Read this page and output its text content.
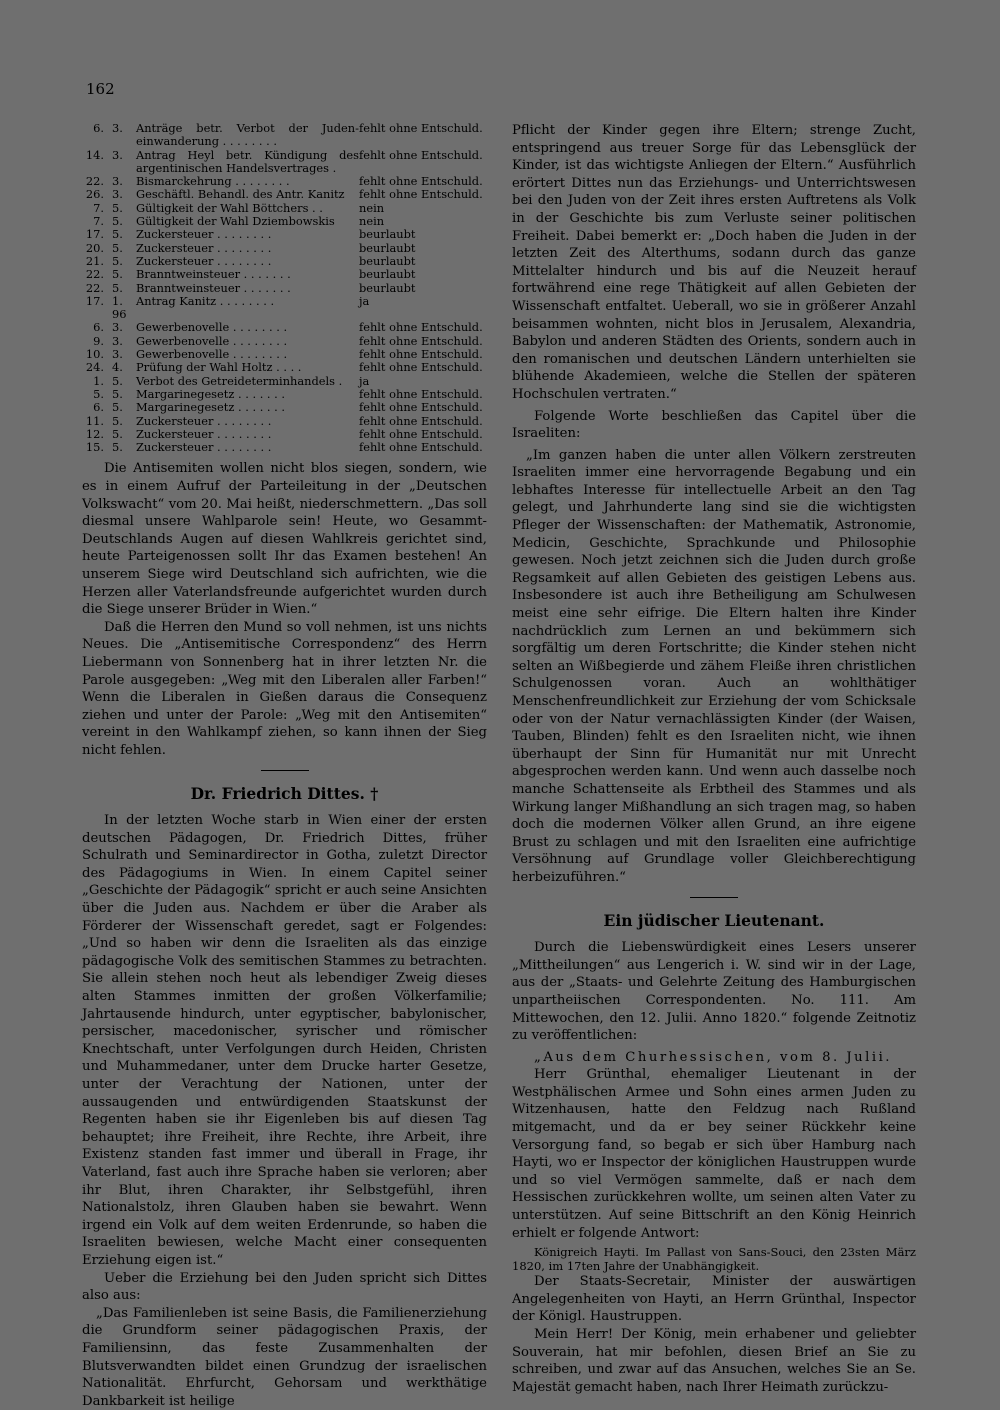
162
6.	3.	Anträge betr. Verbot der Juden- einwanderung . . . . . . . .	fehlt ohne Entschuld.
14.	3.	Antrag Heyl betr. Kündigung des argentinischen Handelsvertrages .	fehlt ohne Entschuld.
22.	3.	Bismarckehrung . . . . . . . .	fehlt ohne Entschuld.
26.	3.	Geschäftl. Behandl. des Antr. Kanitz	fehlt ohne Entschuld.
7.	5.	Gültigkeit der Wahl Böttchers . .	nein
7.	5.	Gültigkeit der Wahl Dziembowskis	nein
17.	5.	Zuckersteuer . . . . . . . .	beurlaubt
20.	5.	Zuckersteuer . . . . . . . .	beurlaubt
21.	5.	Zuckersteuer . . . . . . . .	beurlaubt
22.	5.	Branntweinsteuer . . . . . . .	beurlaubt
22.	5.	Branntweinsteuer . . . . . . .	beurlaubt
17.	1. 96	Antrag Kanitz . . . . . . . .	ja
6.	3.	Gewerbenovelle . . . . . . . .	fehlt ohne Entschuld.
9.	3.	Gewerbenovelle . . . . . . . .	fehlt ohne Entschuld.
10.	3.	Gewerbenovelle . . . . . . . .	fehlt ohne Entschuld.
24.	4.	Prüfung der Wahl Holtz . . . .	fehlt ohne Entschuld.
1.	5.	Verbot des Getreideterminhandels .	ja
5.	5.	Margarinegesetz . . . . . . .	fehlt ohne Entschuld.
6.	5.	Margarinegesetz . . . . . . .	fehlt ohne Entschuld.
11.	5.	Zuckersteuer . . . . . . . .	fehlt ohne Entschuld.
12.	5.	Zuckersteuer . . . . . . . .	fehlt ohne Entschuld.
15.	5.	Zuckersteuer . . . . . . . .	fehlt ohne Entschuld.

Die Antisemiten wollen nicht blos siegen, sondern, wie es in einem Aufruf der Parteileitung in der „Deutschen Volkswacht“ vom 20. Mai heißt, niederschmettern. „Das soll diesmal unsere Wahlparole sein! Heute, wo Gesammt-Deutschlands Augen auf diesen Wahlkreis gerichtet sind, heute Parteigenossen sollt Ihr das Examen bestehen! An unserem Siege wird Deutschland sich aufrichten, wie die Herzen aller Vaterlandsfreunde aufgerichtet wurden durch die Siege unserer Brüder in Wien.“

Daß die Herren den Mund so voll nehmen, ist uns nichts Neues. Die „Antisemitische Correspondenz“ des Herrn Liebermann von Sonnenberg hat in ihrer letzten Nr. die Parole ausgegeben: „Weg mit den Liberalen aller Farben!“ Wenn die Liberalen in Gießen daraus die Consequenz ziehen und unter der Parole: „Weg mit den Antisemiten“ vereint in den Wahlkampf ziehen, so kann ihnen der Sieg nicht fehlen.

Dr. Friedrich Dittes. †

In der letzten Woche starb in Wien einer der ersten deutschen Pädagogen, Dr. Friedrich Dittes, früher Schulrath und Seminardirector in Gotha, zuletzt Director des Pädagogiums in Wien. In einem Capitel seiner „Geschichte der Pädagogik“ spricht er auch seine Ansichten über die Juden aus. Nachdem er über die Araber als Förderer der Wissenschaft geredet, sagt er Folgendes: „Und so haben wir denn die Israeliten als das einzige pädagogische Volk des semitischen Stammes zu betrachten. Sie allein stehen noch heut als lebendiger Zweig dieses alten Stammes inmitten der großen Völkerfamilie; Jahrtausende hindurch, unter egyptischer, babylonischer, persischer, macedonischer, syrischer und römischer Knechtschaft, unter Verfolgungen durch Heiden, Christen und Muhammedaner, unter dem Drucke harter Gesetze, unter der Verachtung der Nationen, unter der aussaugenden und entwürdigenden Staatskunst der Regenten haben sie ihr Eigenleben bis auf diesen Tag behauptet; ihre Freiheit, ihre Rechte, ihre Arbeit, ihre Existenz standen fast immer und überall in Frage, ihr Vaterland, fast auch ihre Sprache haben sie verloren; aber ihr Blut, ihren Charakter, ihr Selbstgefühl, ihren Nationalstolz, ihren Glauben haben sie bewahrt. Wenn irgend ein Volk auf dem weiten Erdenrunde, so haben die Israeliten bewiesen, welche Macht einer consequenten Erziehung eigen ist.“

Ueber die Erziehung bei den Juden spricht sich Dittes also aus:

„Das Familienleben ist seine Basis, die Familienerziehung die Grundform seiner pädagogischen Praxis, der Familiensinn, das feste Zusammenhalten der Blutsverwandten bildet einen Grundzug der israelischen Nationalität. Ehrfurcht, Gehorsam und werkthätige Dankbarkeit ist heilige

Pflicht der Kinder gegen ihre Eltern; strenge Zucht, entspringend aus treuer Sorge für das Lebensglück der Kinder, ist das wichtigste Anliegen der Eltern.“ Ausführlich erörtert Dittes nun das Erziehungs- und Unterrichtswesen bei den Juden von der Zeit ihres ersten Auftretens als Volk in der Geschichte bis zum Verluste seiner politischen Freiheit. Dabei bemerkt er: „Doch haben die Juden in der letzten Zeit des Alterthums, sodann durch das ganze Mittelalter hindurch und bis auf die Neuzeit herauf fortwährend eine rege Thätigkeit auf allen Gebieten der Wissenschaft entfaltet. Ueberall, wo sie in größerer Anzahl beisammen wohnten, nicht blos in Jerusalem, Alexandria, Babylon und anderen Städten des Orients, sondern auch in den romanischen und deutschen Ländern unterhielten sie blühende Akademieen, welche die Stellen der späteren Hochschulen vertraten.“

Folgende Worte beschließen das Capitel über die Israeliten:

„Im ganzen haben die unter allen Völkern zerstreuten Israeliten immer eine hervorragende Begabung und ein lebhaftes Interesse für intellectuelle Arbeit an den Tag gelegt, und Jahrhunderte lang sind sie die wichtigsten Pfleger der Wissenschaften: der Mathematik, Astronomie, Medicin, Geschichte, Sprachkunde und Philosophie gewesen. Noch jetzt zeichnen sich die Juden durch große Regsamkeit auf allen Gebieten des geistigen Lebens aus. Insbesondere ist auch ihre Betheiligung am Schulwesen meist eine sehr eifrige. Die Eltern halten ihre Kinder nachdrücklich zum Lernen an und bekümmern sich sorgfältig um deren Fortschritte; die Kinder stehen nicht selten an Wißbegierde und zähem Fleiße ihren christlichen Schulgenossen voran. Auch an wohlthätiger Menschenfreundlichkeit zur Erziehung der vom Schicksale oder von der Natur vernachlässigten Kinder (der Waisen, Tauben, Blinden) fehlt es den Israeliten nicht, wie ihnen überhaupt der Sinn für Humanität nur mit Unrecht abgesprochen werden kann. Und wenn auch dasselbe noch manche Schattenseite als Erbtheil des Stammes und als Wirkung langer Mißhandlung an sich tragen mag, so haben doch die modernen Völker allen Grund, an ihre eigene Brust zu schlagen und mit den Israeliten eine aufrichtige Versöhnung auf Grundlage voller Gleichberechtigung herbeizuführen.“

Ein jüdischer Lieutenant.

Durch die Liebenswürdigkeit eines Lesers unserer „Mittheilungen“ aus Lengerich i. W. sind wir in der Lage, aus der „Staats- und Gelehrte Zeitung des Hamburgischen unpartheiischen Correspondenten. No. 111. Am Mittewochen, den 12. Julii. Anno 1820.“ folgende Zeitnotiz zu veröffentlichen:

„Aus dem Churhessischen, vom 8. Julii.

Herr Grünthal, ehemaliger Lieutenant in der Westphälischen Armee und Sohn eines armen Juden zu Witzenhausen, hatte den Feldzug nach Rußland mitgemacht, und da er bey seiner Rückkehr keine Versorgung fand, so begab er sich über Hamburg nach Hayti, wo er Inspector der königlichen Haustruppen wurde und so viel Vermögen sammelte, daß er nach dem Hessischen zurückkehren wollte, um seinen alten Vater zu unterstützen. Auf seine Bittschrift an den König Heinrich erhielt er folgende Antwort:

Königreich Hayti. Im Pallast von Sans-Souci, den 23sten März 1820, im 17ten Jahre der Unabhängigkeit.

Der Staats-Secretair, Minister der auswärtigen Angelegenheiten von Hayti, an Herrn Grünthal, Inspector der Königl. Haustruppen.

Mein Herr! Der König, mein erhabener und geliebter Souverain, hat mir befohlen, diesen Brief an Sie zu schreiben, und zwar auf das Ansuchen, welches Sie an Se. Majestät gemacht haben, nach Ihrer Heimath zurückzu-
